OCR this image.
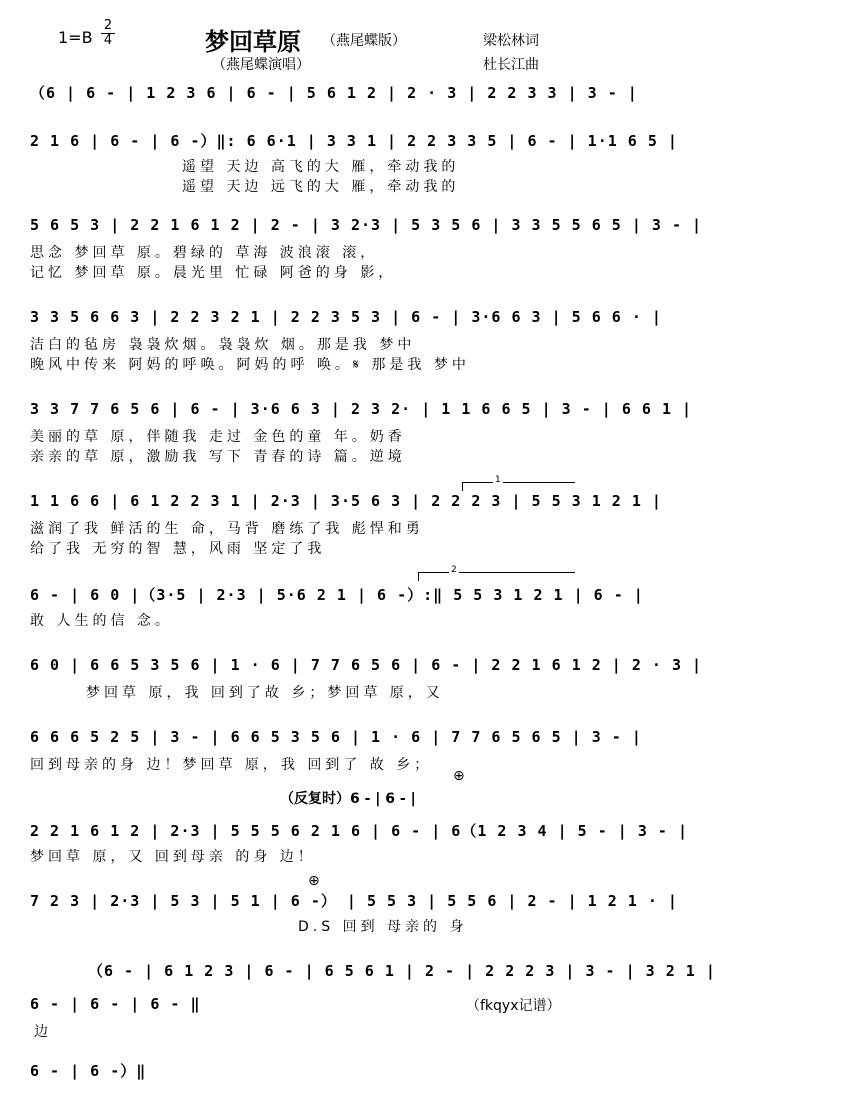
1=B
2
4	梦回草原 （燕尾蝶版）
（燕尾蝶演唱）
梁松林词
杜长江曲
（6 | 6 - | 1 2 3 6 | 6 - | 5 6 1 2 | 2 · 3 | 2 2 3 3 | 3 - |
2 1 6 | 6 - | 6 -）‖: 6 6·1 | 3 3 1 | 2 2 3 3 5 | 6 - | 1·1 6 5 |
遥望 天边 高飞的大 雁，牵动我的
遥望 天边 远飞的大 雁，牵动我的
5 6 5 3 | 2 2 1 6 1 2 | 2 - | 3 2·3 | 5 3 5 6 | 3 3 5 5 6 5 | 3 - |
思念 梦回草 原。碧绿的 草海 波浪滚 滚，
记忆 梦回草 原。晨光里 忙碌 阿爸的身 影，
3 3 5 6 6 3 | 2 2 3 2 1 | 2 2 3 5 3 | 6 - | 3·6 6 3 | 5 6 6 · |
洁白的毡房 袅袅炊烟。袅袅炊 烟。那是我 梦中
晚风中传来 阿妈的呼唤。阿妈的呼 唤。𝄋 那是我 梦中
3 3 7 7 6 5 6 | 6 - | 3·6 6 3 | 2 3 2· | 1 1 6 6 5 | 3 - | 6 6 1 |
美丽的草 原，伴随我 走过 金色的童 年。奶香
亲亲的草 原，激励我 写下 青春的诗 篇。逆境
1
1 1 6 6 | 6 1 2 2 3 1 | 2·3 | 3·5 6 3 | 2 2 2 3 | 5 5 3 1 2 1 |
滋润了我 鲜活的生 命，马背 磨练了我 彪悍和勇
给了我 无穷的智 慧，风雨 坚定了我
2
6 - | 6 0 |（3·5 | 2·3 | 5·6 2 1 | 6 -）:‖ 5 5 3 1 2 1 | 6 - |
敢 人生的信 念。
6 0 | 6 6 5 3 5 6 | 1 · 6 | 7 7 6 5 6 | 6 - | 2 2 1 6 1 2 | 2 · 3 |
梦回草 原，我 回到了故 乡；梦回草 原，又
6 6 6 5 2 5 | 3 - | 6 6 5 3 5 6 | 1 · 6 | 7 7 6 5 6 5 | 3 - |
回到母亲的身 边！梦回草 原，我 回到了 故 乡；
（反复时）6 - | 6 - |
⊕
2 2 1 6 1 2 | 2·3 | 5 5 5 6 2 1 6 | 6 - | 6（1 2 3 4 | 5 - | 3 - |
梦回草 原，又 回到母亲 的身 边！
⊕
7 2 3 | 2·3 | 5 3 | 5 1 | 6 -） | 5 5 3 | 5 5 6 | 2 - | 1 2 1 · |
D.S 回到 母亲的 身
（6 - | 6 1 2 3 | 6 - | 6 5 6 1 | 2 - | 2 2 2 3 | 3 - | 3 2 1 |
6 - | 6 - | 6 - ‖
边
（fkqyx记谱）
6 - | 6 -）‖
